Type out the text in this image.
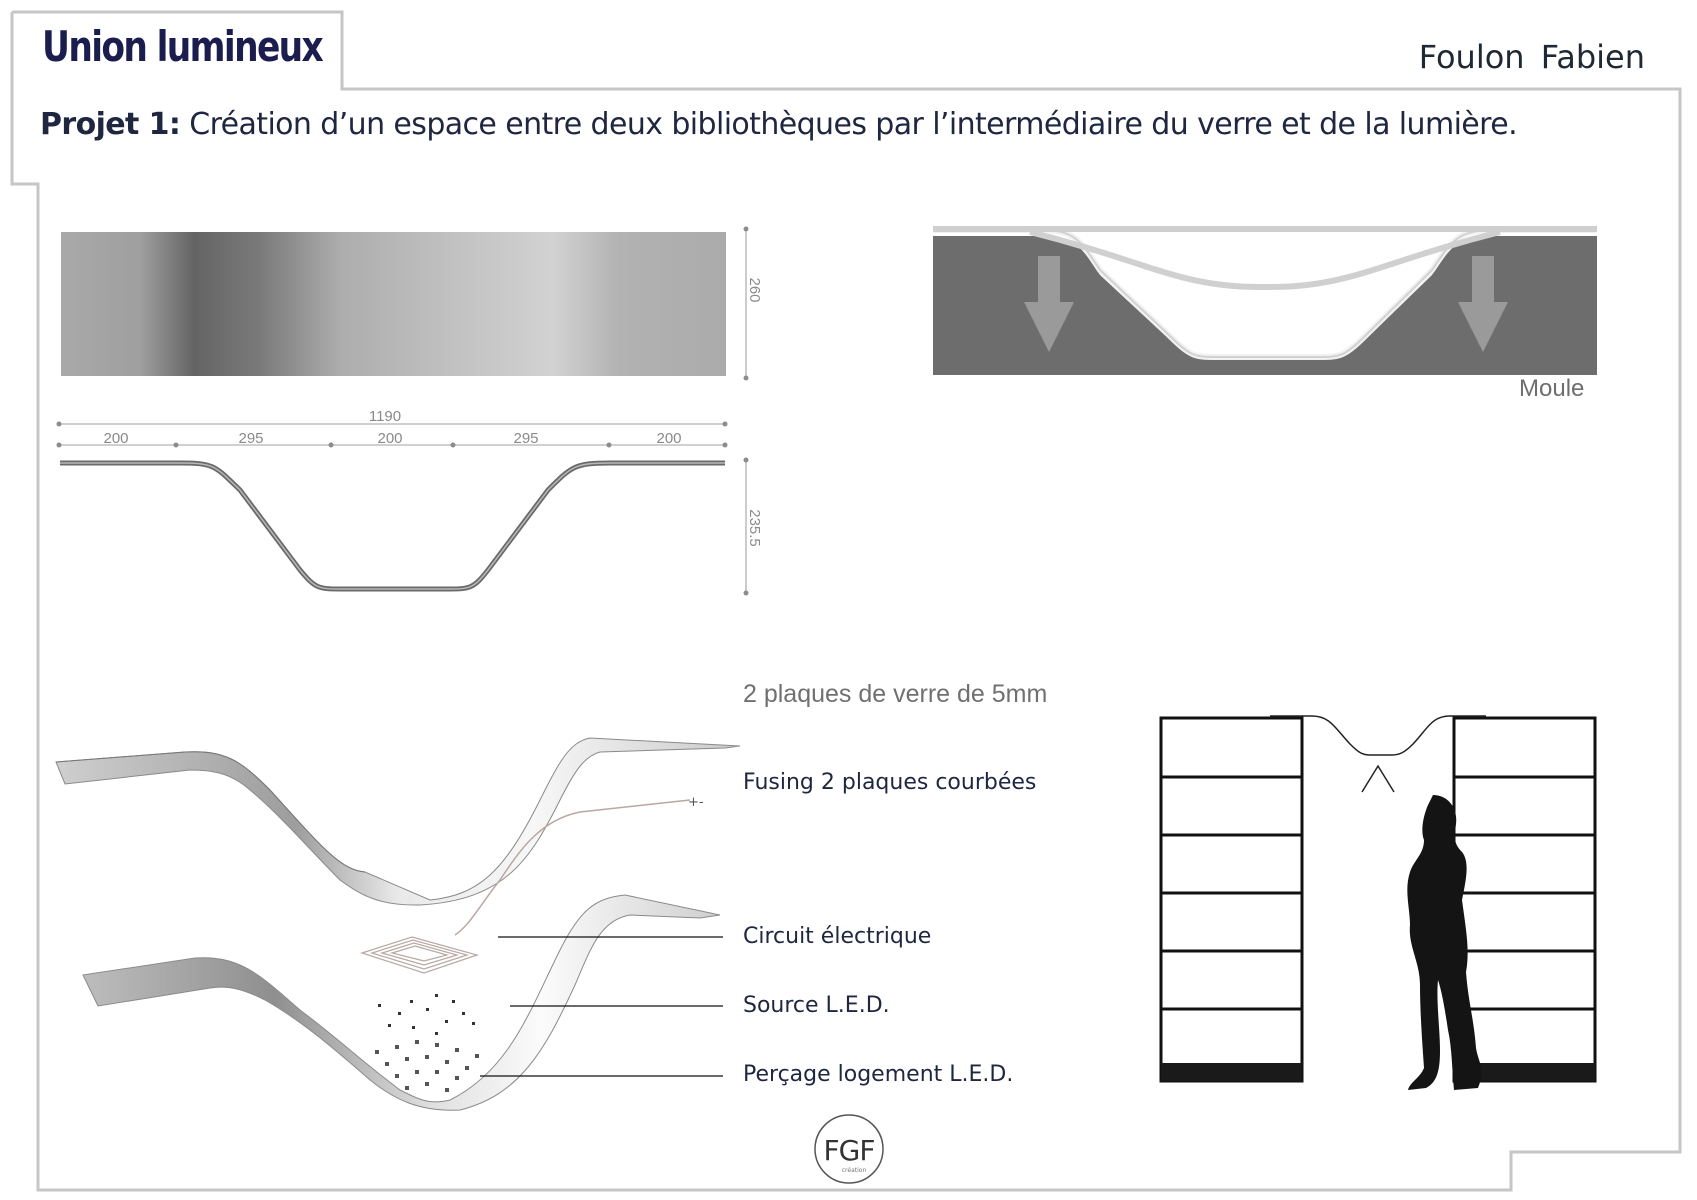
Union lumineux	Foulon Fabien
Projet 1: Création d’un espace entre deux bibliothèques par l’intermédiaire du verre et de la lumière.
260
1190
200	295	200	295	200
235.5
+-
FGF
création
Moule
2 plaques de verre de 5mm
Fusing 2 plaques courbées
Circuit électrique
Source L.E.D.
Perçage logement L.E.D.
